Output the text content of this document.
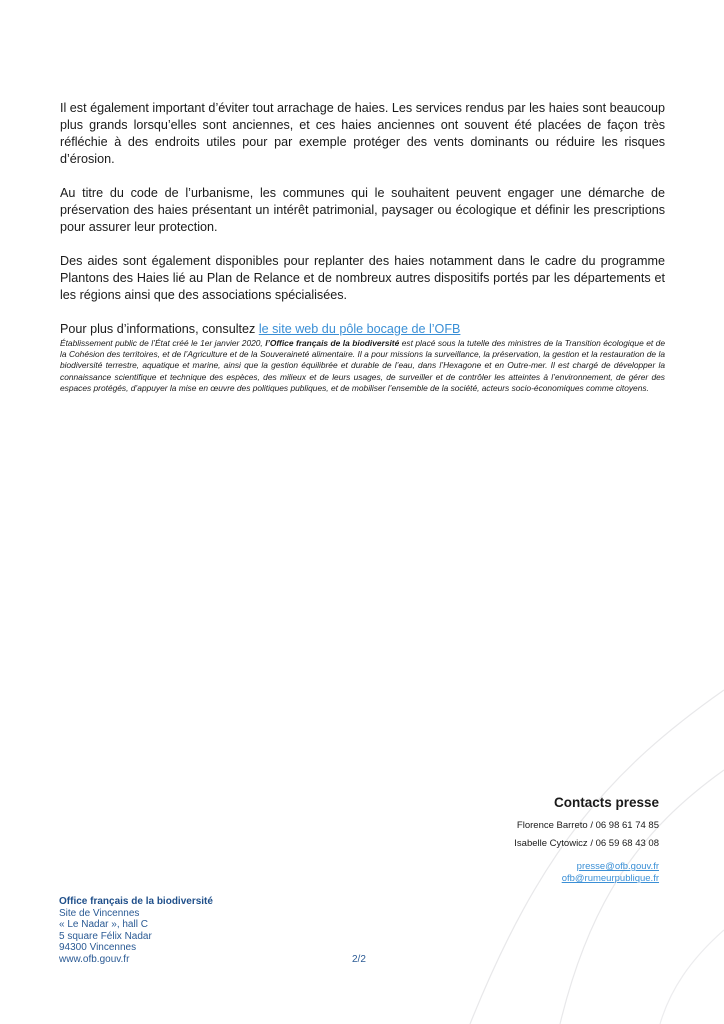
Il est également important d’éviter tout arrachage de haies. Les services rendus par les haies sont beaucoup plus grands lorsqu’elles sont anciennes, et ces haies anciennes ont souvent été placées de façon très réfléchie à des endroits utiles pour par exemple protéger des vents dominants ou réduire les risques d’érosion.

Au titre du code de l’urbanisme, les communes qui le souhaitent peuvent engager une démarche de préservation des haies présentant un intérêt patrimonial, paysager ou écologique et définir les prescriptions pour assurer leur protection.

Des aides sont également disponibles pour replanter des haies notamment dans le cadre du programme Plantons des Haies lié au Plan de Relance et de nombreux autres dispositifs portés par les départements et les régions ainsi que des associations spécialisées.

Pour plus d’informations, consultez le site web du pôle bocage de l’OFB

Établissement public de l’État créé le 1er janvier 2020, l’Office français de la biodiversité est placé sous la tutelle des ministres de la Transition écologique et de la Cohésion des territoires, et de l’Agriculture et de la Souveraineté alimentaire. Il a pour missions la surveillance, la préservation, la gestion et la restauration de la biodiversité terrestre, aquatique et marine, ainsi que la gestion équilibrée et durable de l’eau, dans l’Hexagone et en Outre-mer. Il est chargé de développer la connaissance scientifique et technique des espèces, des milieux et de leurs usages, de surveiller et de contrôler les atteintes à l’environnement, de gérer des espaces protégés, d’appuyer la mise en œuvre des politiques publiques, et de mobiliser l’ensemble de la société, acteurs socio-économiques comme citoyens.
Contacts presse
Florence Barreto / 06 98 61 74 85
Isabelle Cytowicz / 06 59 68 43 08
presse@ofb.gouv.fr
ofb@rumeurpublique.fr
Office français de la biodiversité
Site de Vincennes
« Le Nadar », hall C
5 square Félix Nadar
94300 Vincennes
www.ofb.gouv.fr	2/2
